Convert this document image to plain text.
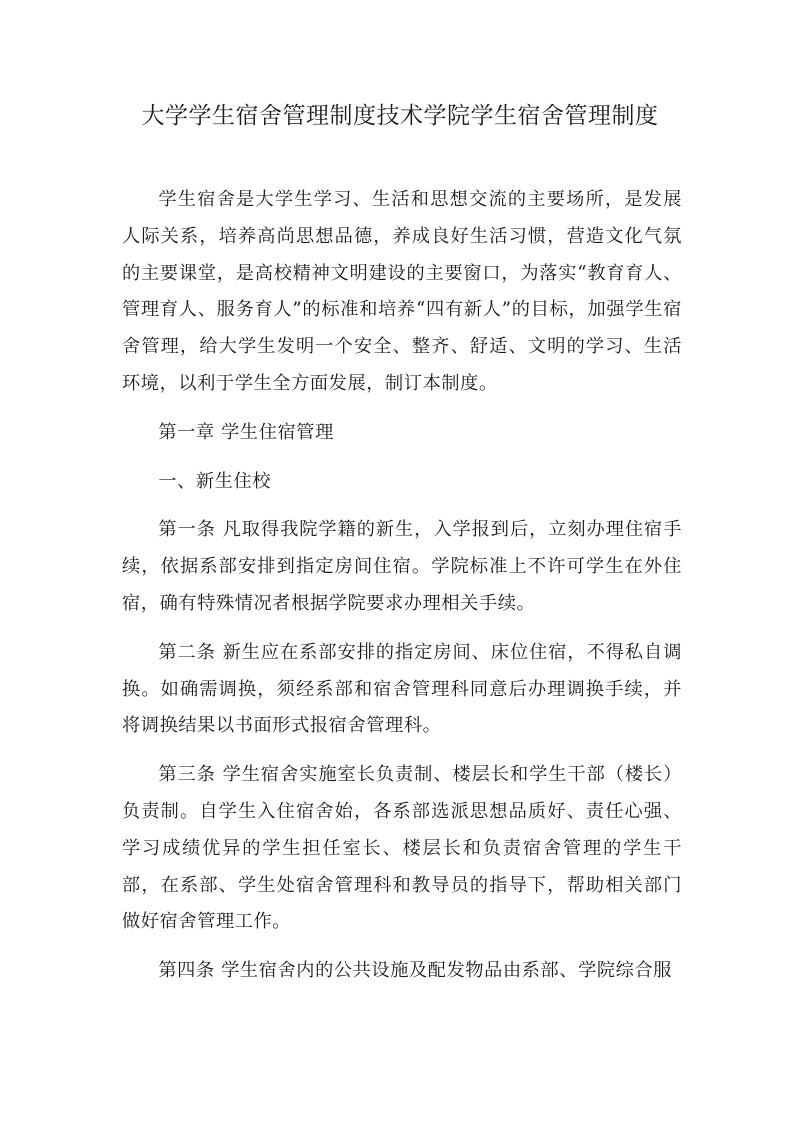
大学学生宿舍管理制度技术学院学生宿舍管理制度

学生宿舍是大学生学习、生活和思想交流的主要场所，是发展人际关系，培养高尚思想品德，养成良好生活习惯，营造文化气氛的主要课堂，是高校精神文明建设的主要窗口，为落实“教育育人、管理育人、服务育人”的标准和培养“四有新人”的目标，加强学生宿舍管理，给大学生发明一个安全、整齐、舒适、文明的学习、生活环境，以利于学生全方面发展，制订本制度。

第一章 学生住宿管理

一、新生住校

第一条 凡取得我院学籍的新生，入学报到后，立刻办理住宿手续，依据系部安排到指定房间住宿。学院标准上不许可学生在外住宿，确有特殊情况者根据学院要求办理相关手续。

第二条 新生应在系部安排的指定房间、床位住宿，不得私自调换。如确需调换，须经系部和宿舍管理科同意后办理调换手续，并将调换结果以书面形式报宿舍管理科。

第三条 学生宿舍实施室长负责制、楼层长和学生干部（楼长）负责制。自学生入住宿舍始，各系部选派思想品质好、责任心强、学习成绩优异的学生担任室长、楼层长和负责宿舍管理的学生干部，在系部、学生处宿舍管理科和教导员的指导下，帮助相关部门做好宿舍管理工作。

第四条 学生宿舍内的公共设施及配发物品由系部、学院综合服
